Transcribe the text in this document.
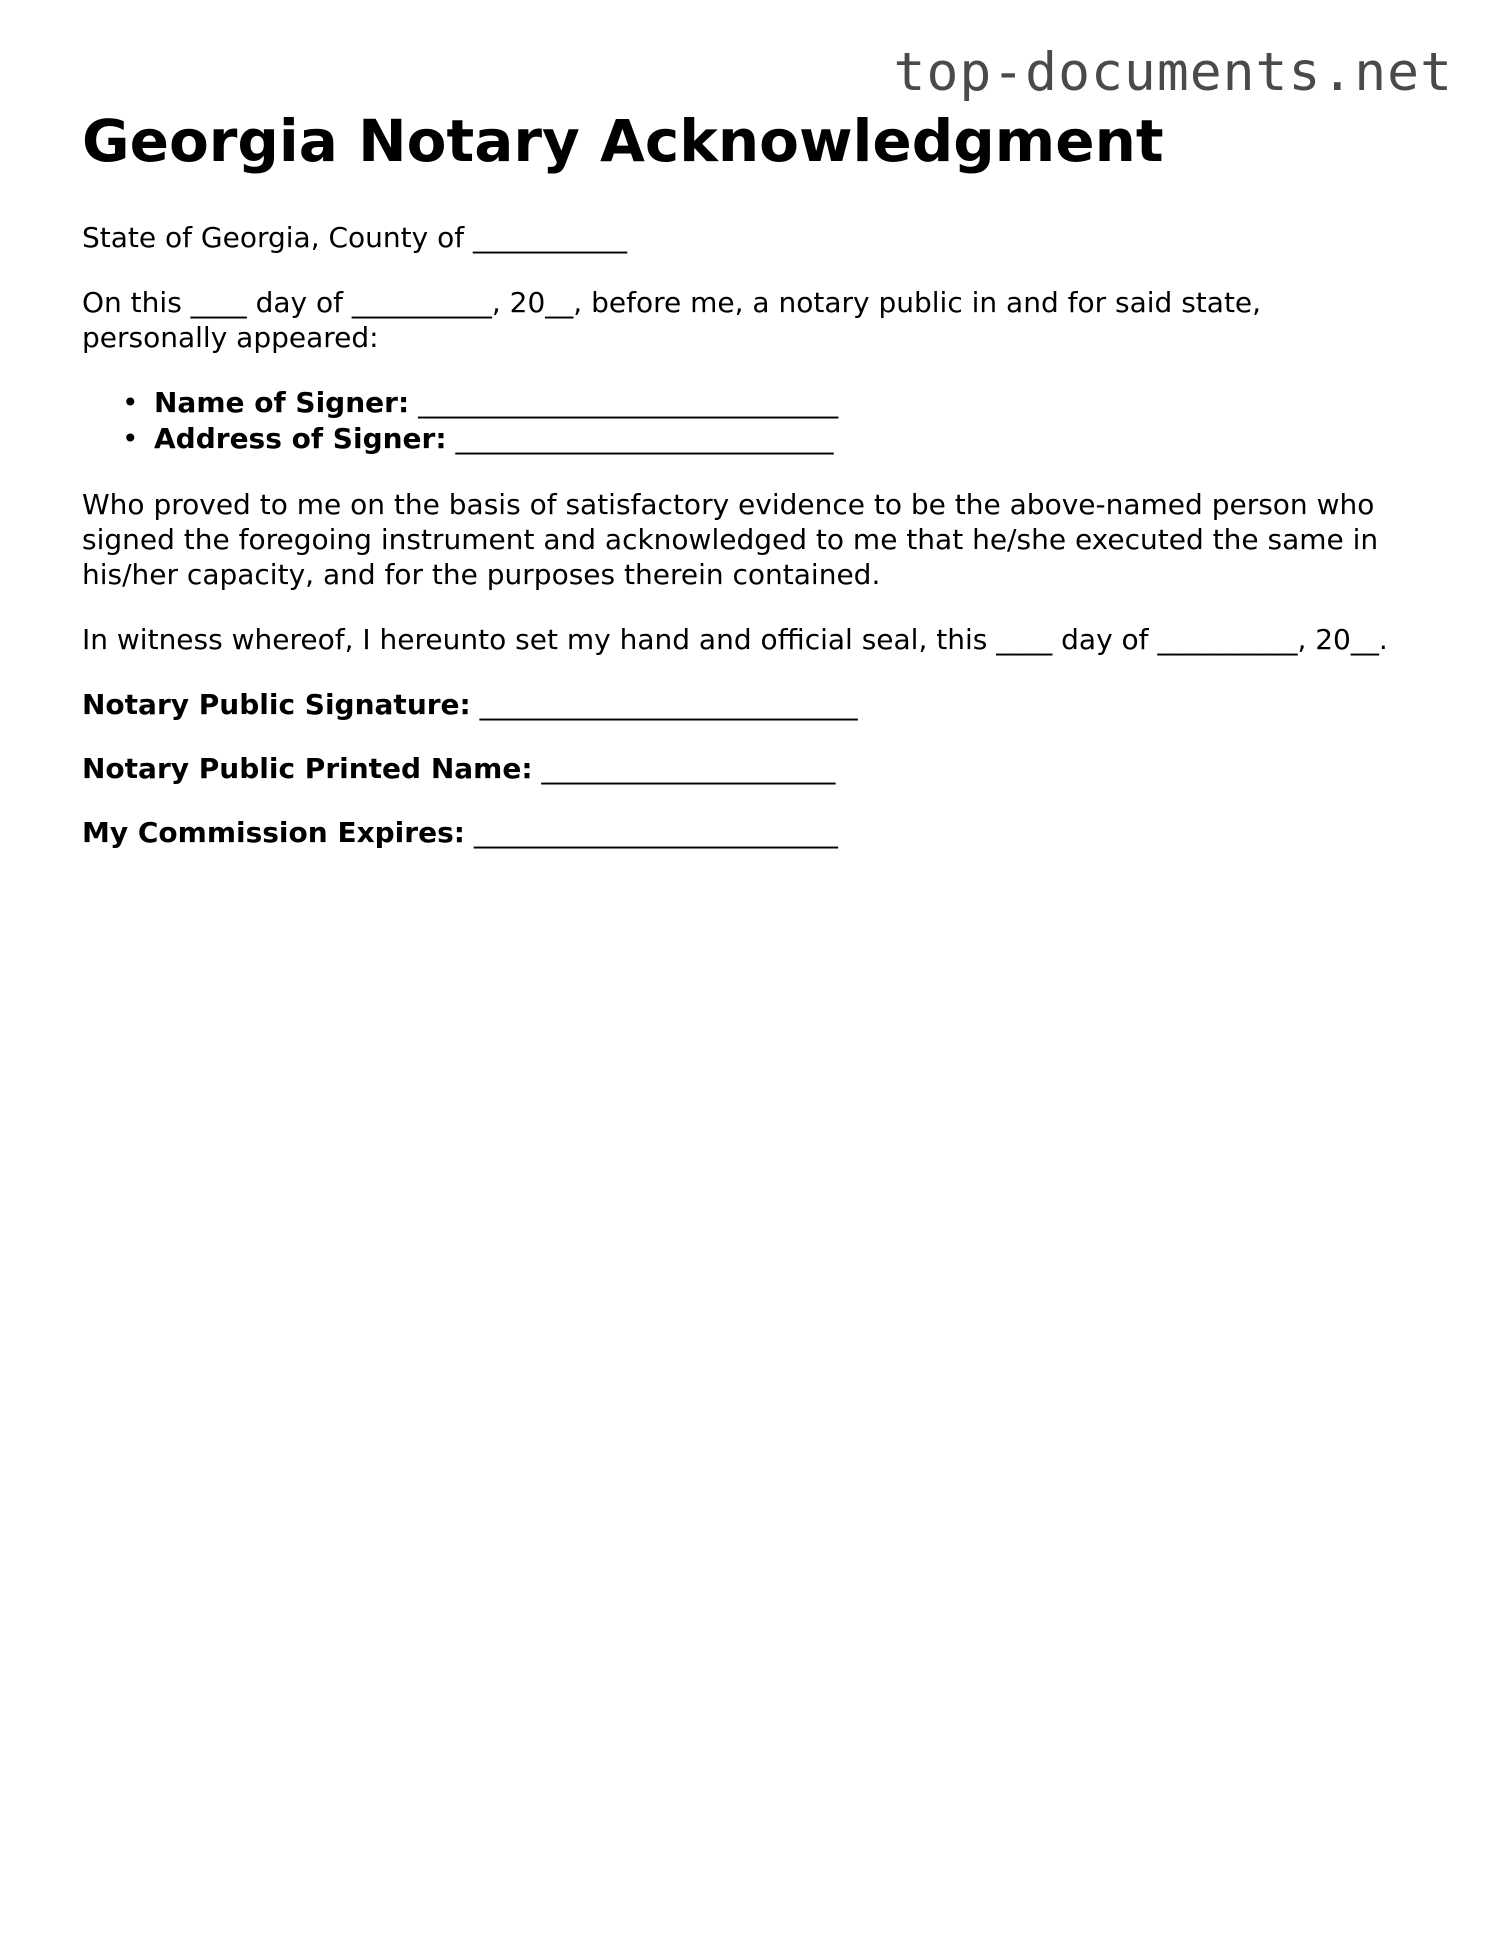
top-documents.net
Georgia Notary Acknowledgment

State of Georgia, County of ___________

On this ____ day of __________, 20__, before me, a notary public in and for said state, personally appeared:

• Name of Signer: ______________________________
• Address of Signer: ___________________________

Who proved to me on the basis of satisfactory evidence to be the above-named person who signed the foregoing instrument and acknowledged to me that he/she executed the same in his/her capacity, and for the purposes therein contained.

In witness whereof, I hereunto set my hand and official seal, this ____ day of __________, 20__.

Notary Public Signature: ___________________________

Notary Public Printed Name: _____________________

My Commission Expires: __________________________
